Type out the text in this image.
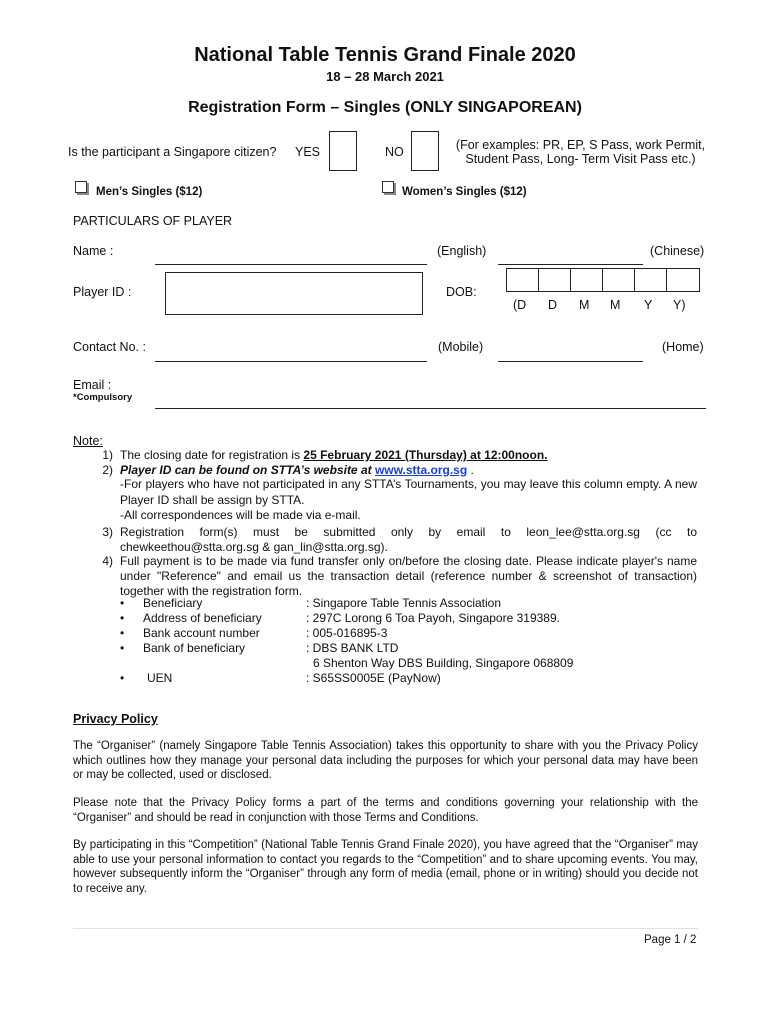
National Table Tennis Grand Finale 2020
18 – 28 March 2021
Registration Form – Singles (ONLY SINGAPOREAN)
Is the participant a Singapore citizen? YES	NO	(For examples: PR, EP, S Pass, work Permit,
Student Pass, Long- Term Visit Pass etc.)
Men’s Singles ($12)	Women’s Singles ($12)
PARTICULARS OF PLAYER
Name :	(English)	(Chinese)
Player ID :	DOB:
(D D M M Y Y)
Contact No. :	(Mobile)	(Home)
Email :
*Compulsory
Note:
1) The closing date for registration is 25 February 2021 (Thursday) at 12:00noon.
2) Player ID can be found on STTA’s website at www.stta.org.sg .
-For players who have not participated in any STTA’s Tournaments, you may leave this column empty. A new Player ID shall be assign by STTA.
-All correspondences will be made via e-mail.
3) Registration form(s) must be submitted only by email to leon_lee@stta.org.sg (cc to chewkeethou@stta.org.sg & gan_lin@stta.org.sg).
4) Full payment is to be made via fund transfer only on/before the closing date. Please indicate player's name under "Reference" and email us the transaction detail (reference number & screenshot of transaction) together with the registration form.
•	Beneficiary	: Singapore Table Tennis Association
•	Address of beneficiary	: 297C Lorong 6 Toa Payoh, Singapore 319389.
•	Bank account number	: 005-016895-3
•	Bank of beneficiary	: DBS BANK LTD
6 Shenton Way DBS Building, Singapore 068809
•	UEN	: S65SS0005E (PayNow)
Privacy Policy
The “Organiser” (namely Singapore Table Tennis Association) takes this opportunity to share with you the Privacy Policy which outlines how they manage your personal data including the purposes for which your personal data may have been or may be collected, used or disclosed.
Please note that the Privacy Policy forms a part of the terms and conditions governing your relationship with the “Organiser” and should be read in conjunction with those Terms and Conditions.
By participating in this “Competition” (National Table Tennis Grand Finale 2020), you have agreed that the “Organiser” may able to use your personal information to contact you regards to the “Competition” and to share upcoming events. You may, however subsequently inform the “Organiser” through any form of media (email, phone or in writing) should you decide not to receive any.
Page 1 / 2
